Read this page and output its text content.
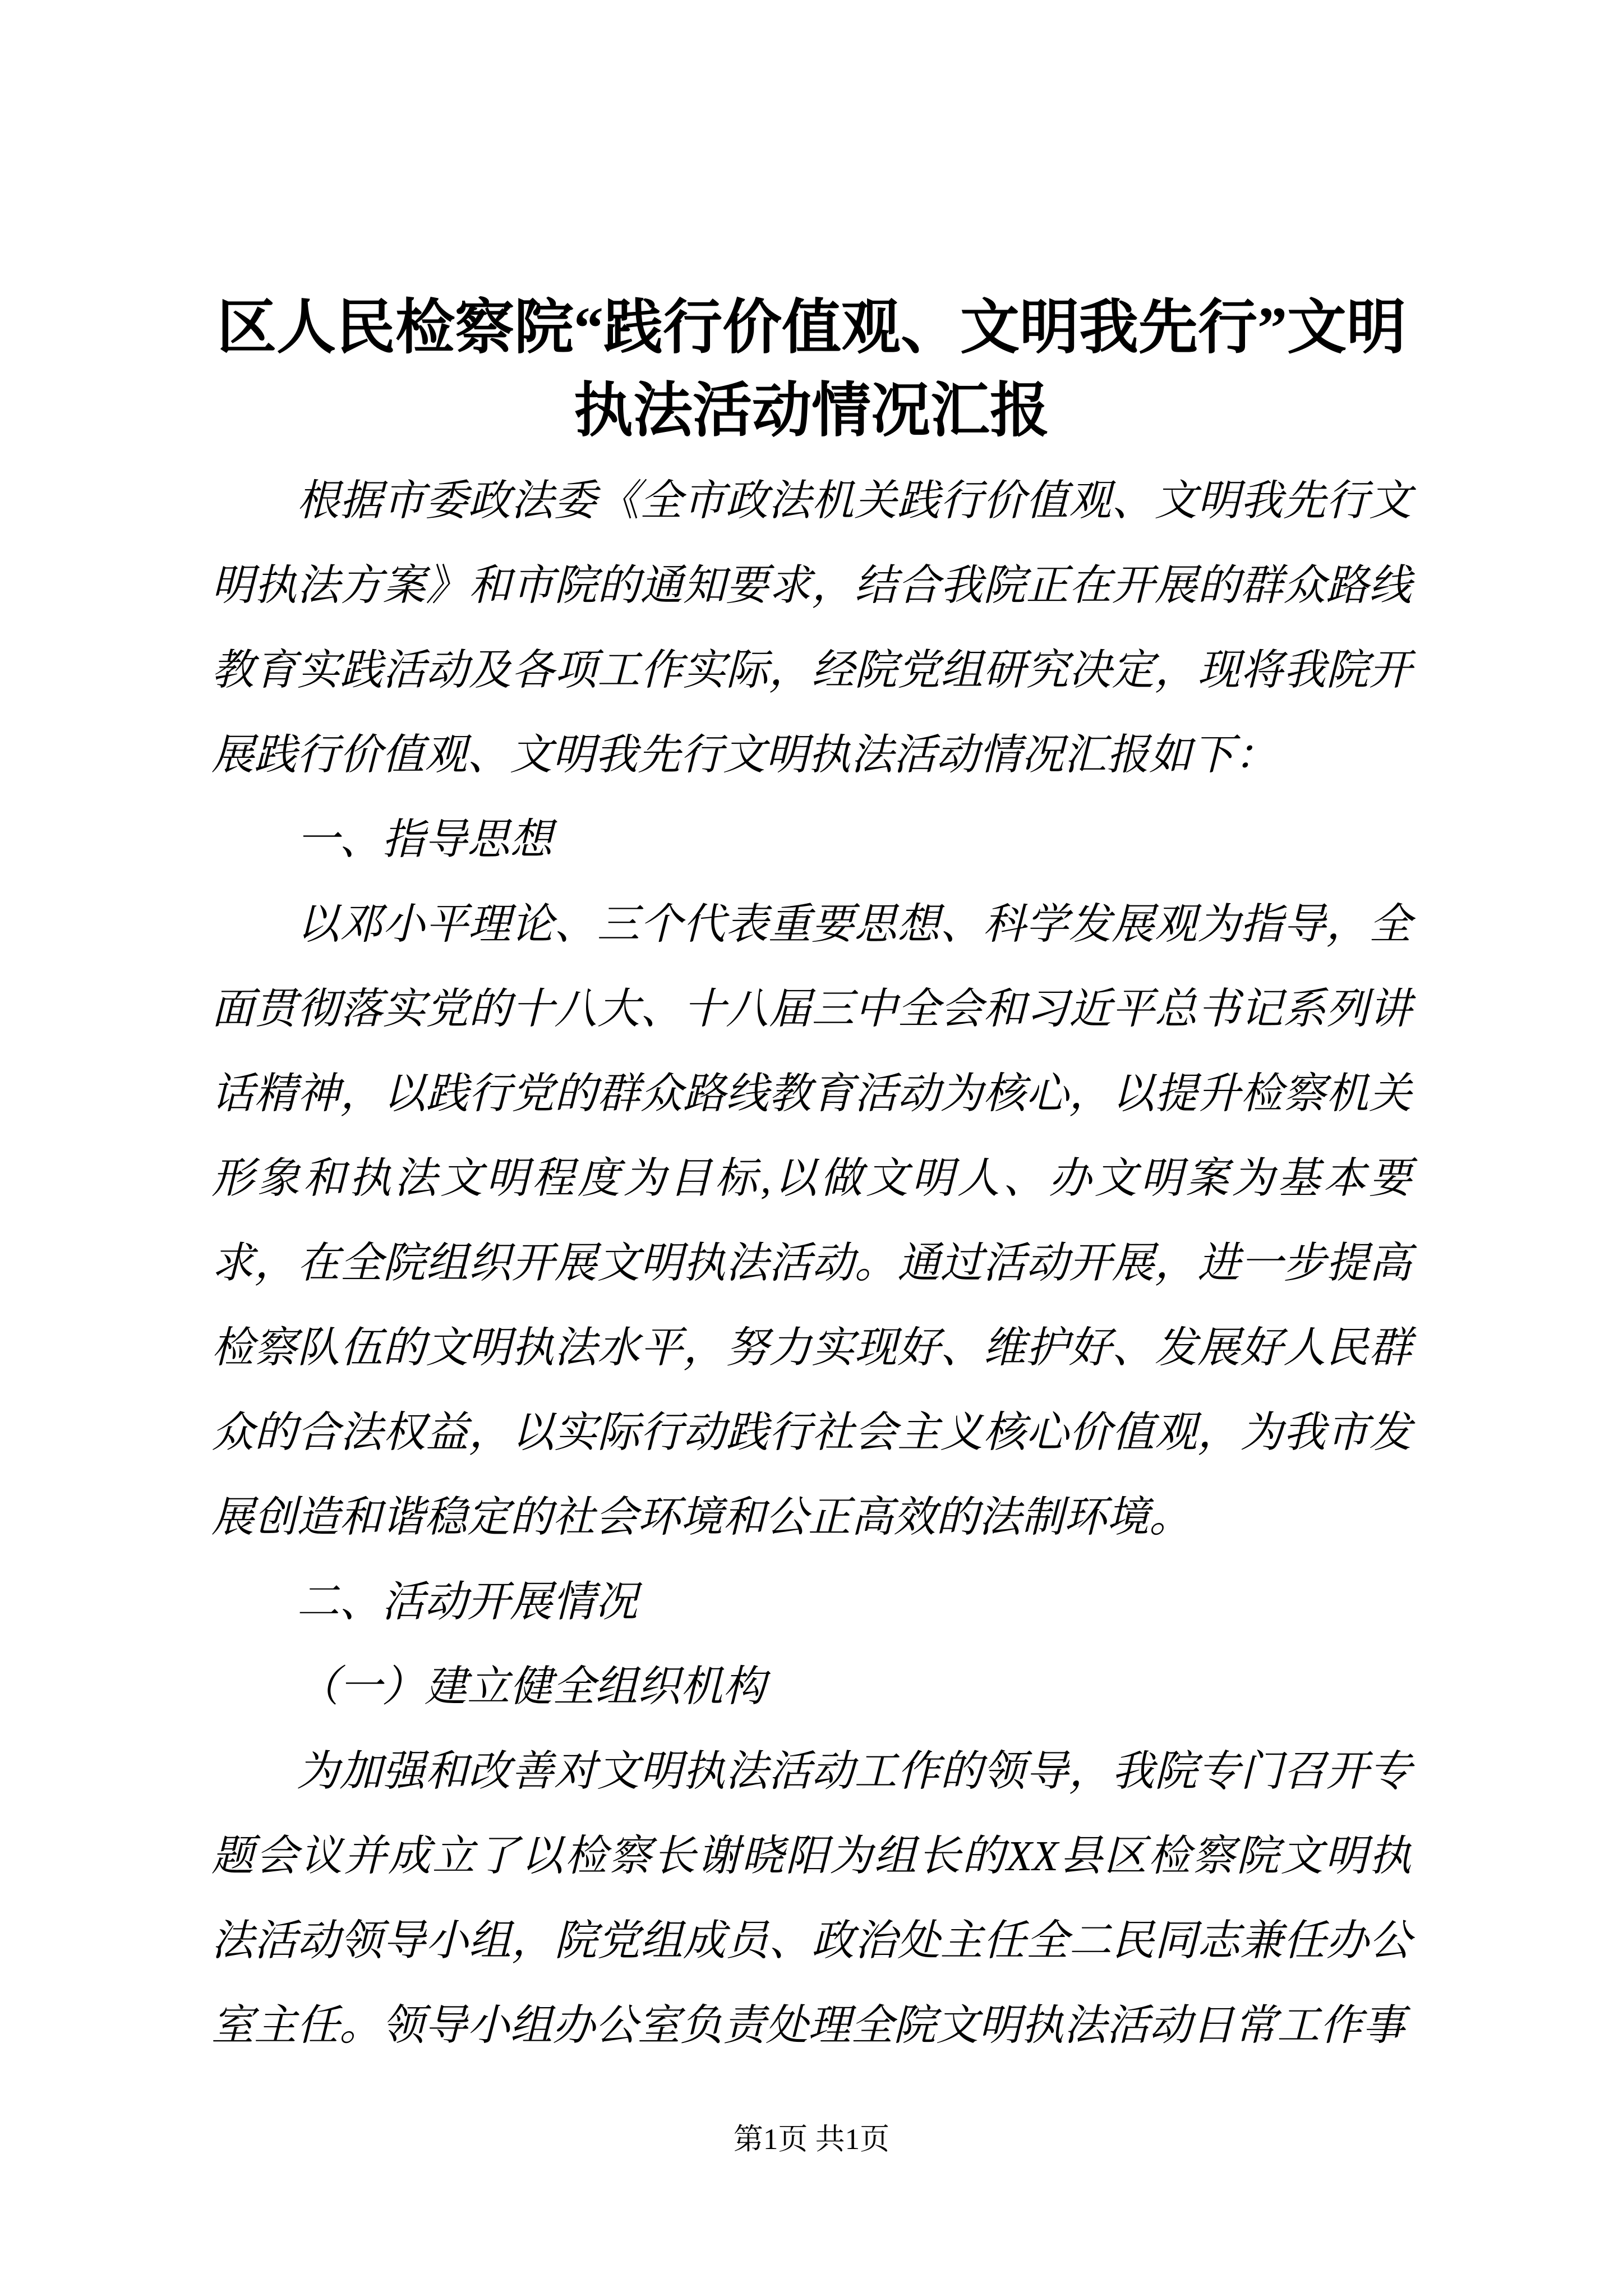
区人民检察院“践行价值观、文明我先行”文明执法活动情况汇报

根据市委政法委《全市政法机关践行价值观、文明我先行文明执法方案》和市院的通知要求，结合我院正在开展的群众路线教育实践活动及各项工作实际，经院党组研究决定，现将我院开展践行价值观、文明我先行文明执法活动情况汇报如下：

一、指导思想

以邓小平理论、三个代表重要思想、科学发展观为指导，全面贯彻落实党的十八大、十八届三中全会和习近平总书记系列讲话精神，以践行党的群众路线教育活动为核心，以提升检察机关形象和执法文明程度为目标,以做文明人、办文明案为基本要求，在全院组织开展文明执法活动。通过活动开展，进一步提高检察队伍的文明执法水平，努力实现好、维护好、发展好人民群众的合法权益，以实际行动践行社会主义核心价值观，为我市发展创造和谐稳定的社会环境和公正高效的法制环境。

二、活动开展情况

（一）建立健全组织机构

为加强和改善对文明执法活动工作的领导，我院专门召开专题会议并成立了以检察长谢晓阳为组长的XX县区检察院文明执法活动领导小组，院党组成员、政治处主任全二民同志兼任办公室主任。领导小组办公室负责处理全院文明执法活动日常工作事

第1页 共1页
